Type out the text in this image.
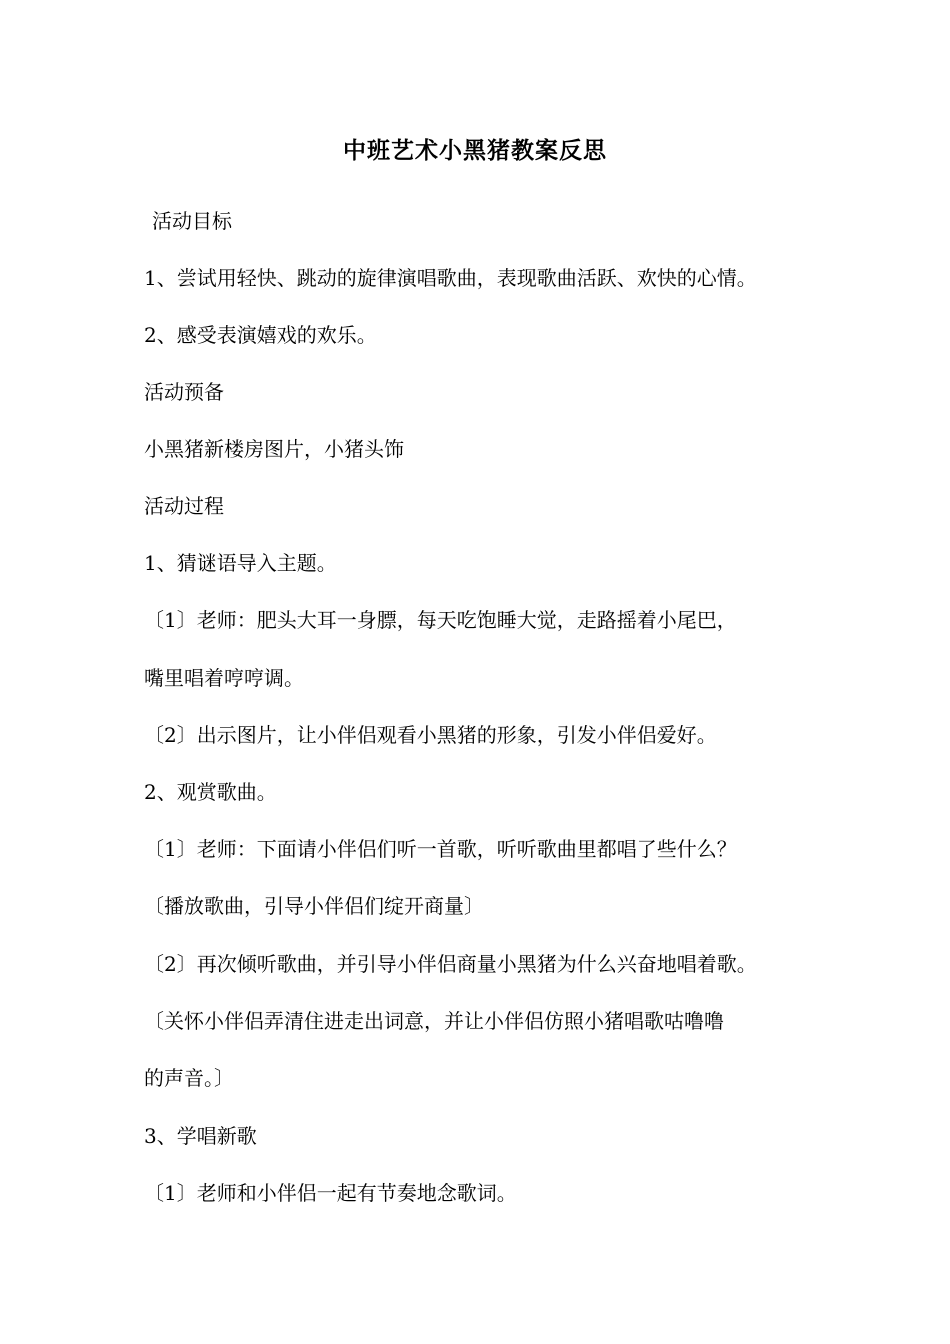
中班艺术小黑猪教案反思
活动目标
1、尝试用轻快、跳动的旋律演唱歌曲，表现歌曲活跃、欢快的心情。
2、感受表演嬉戏的欢乐。
活动预备
小黑猪新楼房图片，小猪头饰
活动过程
1、猜谜语导入主题。
〔1〕老师：肥头大耳一身膘，每天吃饱睡大觉，走路摇着小尾巴，
嘴里唱着哼哼调。
〔2〕出示图片，让小伴侣观看小黑猪的形象，引发小伴侣爱好。
2、观赏歌曲。
〔1〕老师：下面请小伴侣们听一首歌，听听歌曲里都唱了些什么？
〔播放歌曲，引导小伴侣们绽开商量〕
〔2〕再次倾听歌曲，并引导小伴侣商量小黑猪为什么兴奋地唱着歌。
〔关怀小伴侣弄清住进走出词意，并让小伴侣仿照小猪唱歌咕噜噜
的声音。〕
3、学唱新歌
〔1〕老师和小伴侣一起有节奏地念歌词。
